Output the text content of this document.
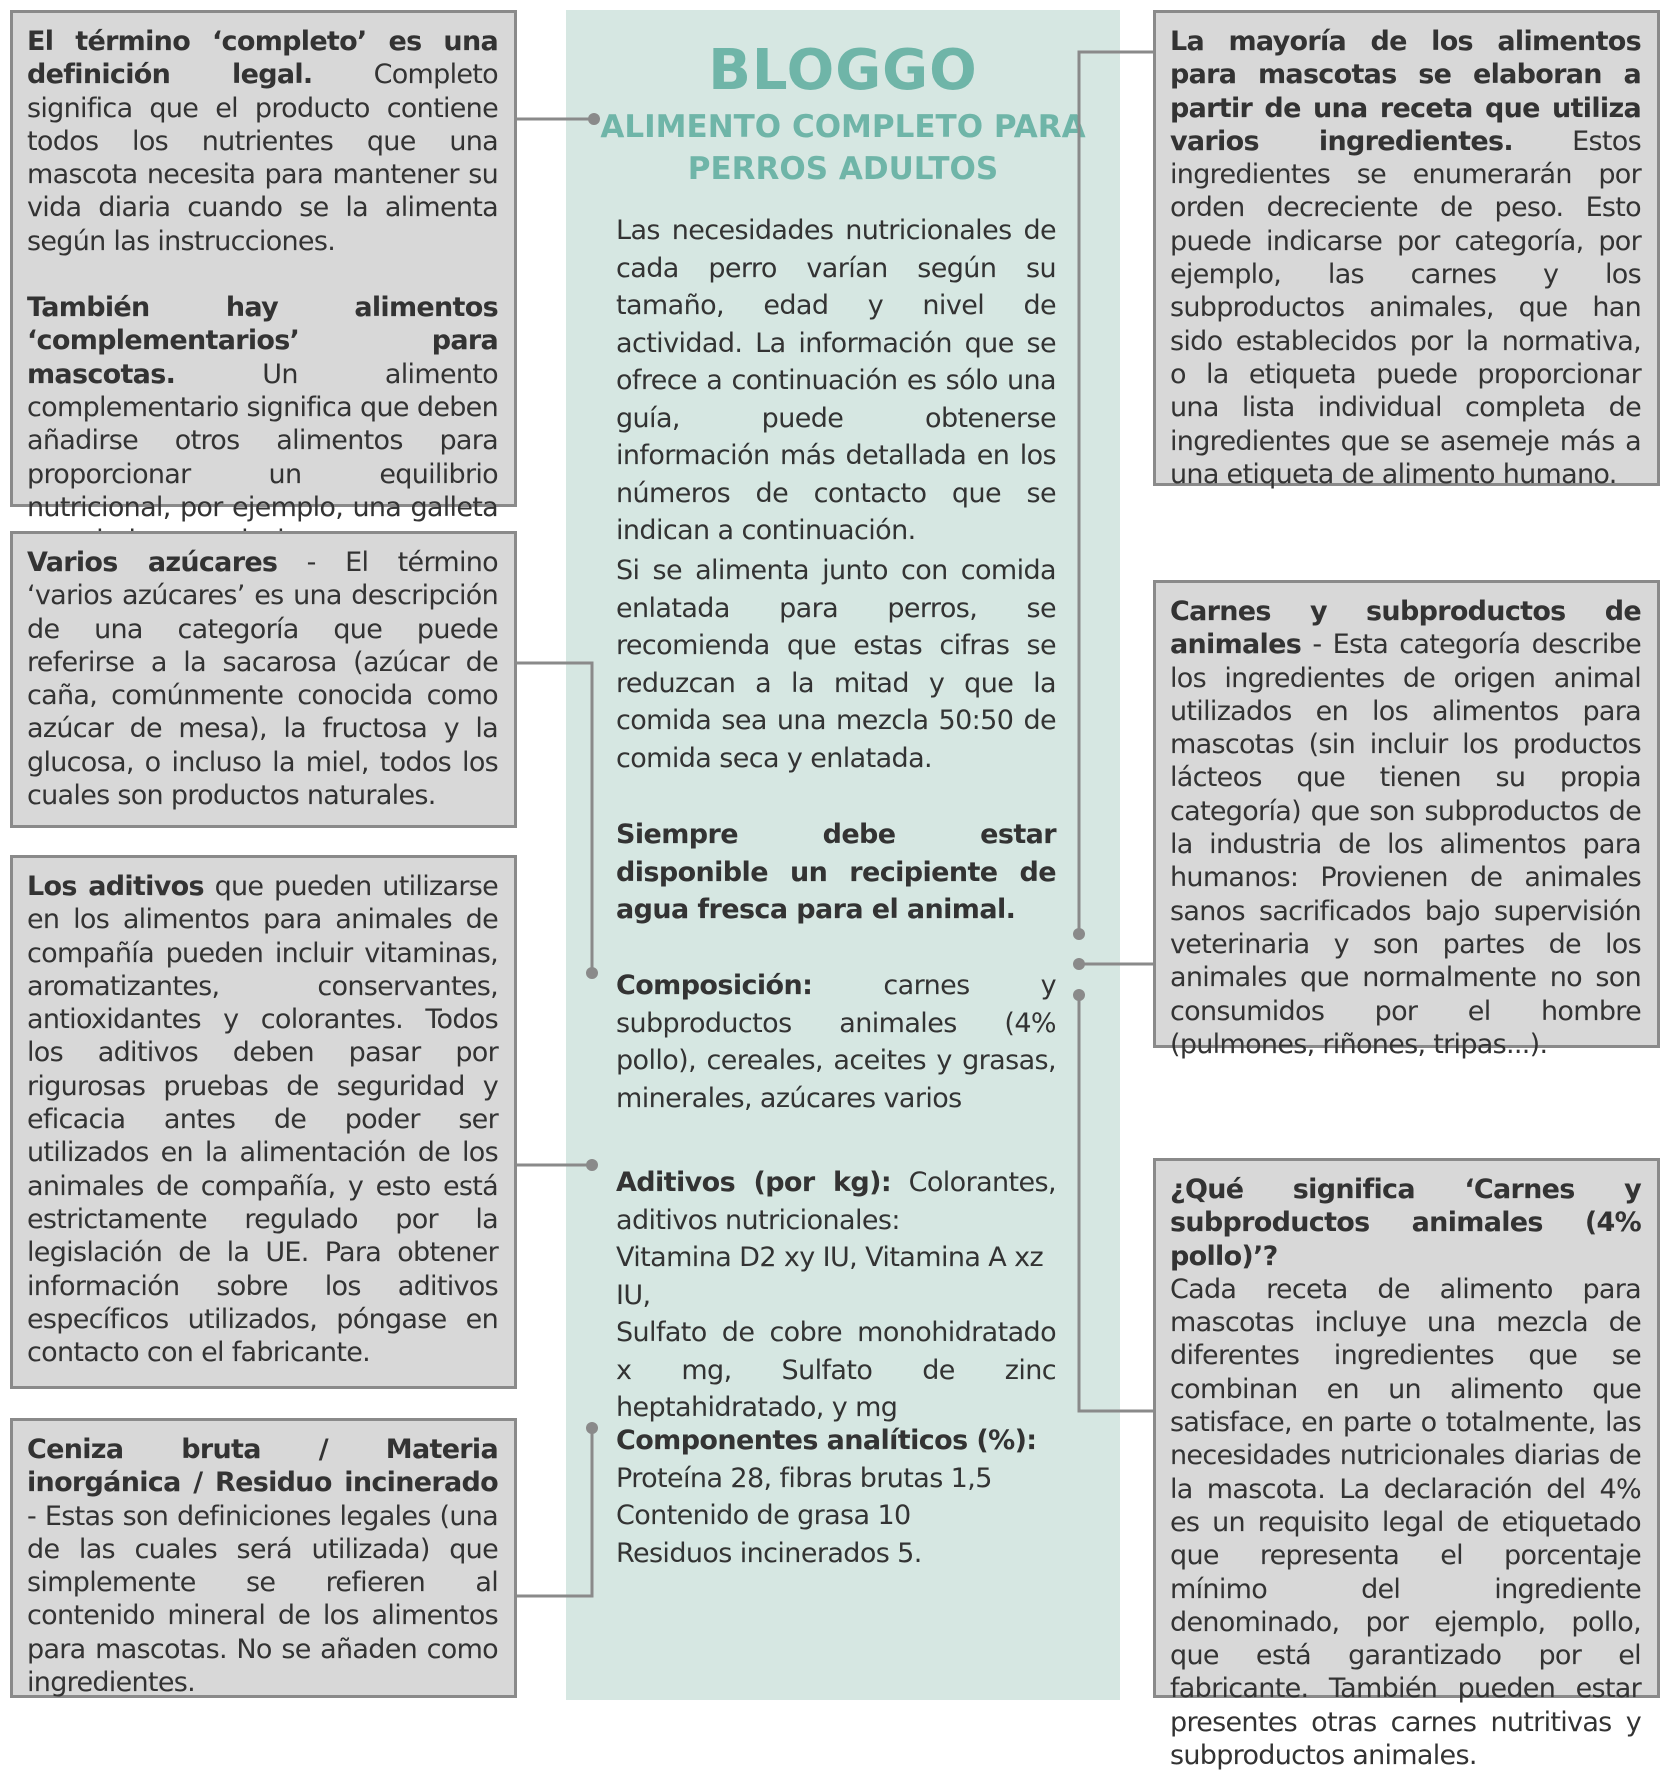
BLOGGO
ALIMENTO COMPLETO PARA
PERROS ADULTOS
Las necesidades nutricionales de cada perro varían según su tamaño, edad y nivel de actividad. La información que se ofrece a continuación es sólo una guía, puede obtenerse información más detallada en los números de contacto que se indican a continuación.
Si se alimenta junto con comida enlatada para perros, se recomienda que estas cifras se reduzcan a la mitad y que la comida sea una mezcla 50:50 de comida seca y enlatada.
Siempre debe estar disponible un recipiente de agua fresca para el animal.
Composición: carnes y subproductos animales (4% pollo), cereales, aceites y grasas, minerales, azúcares varios
Aditivos (por kg): Colorantes, aditivos nutricionales:
Vitamina D2 xy IU, Vitamina A xz IU,
Sulfato de cobre monohidratado x mg, Sulfato de zinc heptahidratado, y mg
Componentes analíticos (%):
Proteína 28, fibras brutas 1,5
Contenido de grasa 10
Residuos incinerados 5.

El término ‘completo’ es una definición legal. Completo significa que el producto contiene todos los nutrientes que una mascota necesita para mantener su vida diaria cuando se la alimenta según las instrucciones.

También hay alimentos ‘complementarios’ para mascotas.	Un alimento complementario significa que deben añadirse otros alimentos para proporcionar un equilibrio nutricional, por ejemplo, una galleta

Varios azúcares - El término ‘varios azúcares’ es una descripción de una categoría que puede referirse a la sacarosa (azúcar de caña, comúnmente conocida como azúcar de mesa), la fructosa y la glucosa, o incluso la miel, todos los cuales son productos naturales.

Los aditivos que pueden utilizarse en los alimentos para animales de compañía pueden incluir vitaminas, aromatizantes, conservantes, antioxidantes y colorantes. Todos los aditivos deben pasar por rigurosas pruebas de seguridad y eficacia antes de poder ser utilizados en la alimentación de los animales de compañía, y esto está estrictamente regulado por la legislación de la UE. Para obtener información sobre los aditivos específicos utilizados, póngase en contacto con el fabricante.

Ceniza bruta / Materia inorgánica / Residuo incinerado - Estas son definiciones legales (una de las cuales será utilizada) que simplemente se refieren al contenido mineral de los alimentos para mascotas. No se añaden como ingredientes.

La mayoría de los alimentos para mascotas se elaboran a partir de una receta que utiliza varios ingredientes. Estos ingredientes se enumerarán por orden decreciente de peso. Esto puede indicarse por categoría, por ejemplo, las carnes y los subproductos animales, que han sido establecidos por la normativa, o la etiqueta puede proporcionar una lista individual completa de ingredientes que se asemeje más a una etiqueta de alimento humano.

Carnes y subproductos de animales - Esta categoría describe los ingredientes de origen animal utilizados en los alimentos para mascotas (sin incluir los productos lácteos que tienen su propia categoría) que son subproductos de la industria de los alimentos para humanos: Provienen de animales sanos sacrificados bajo supervisión veterinaria y son partes de los animales que normalmente no son consumidos por el hombre (pulmones, riñones, tripas...).

¿Qué significa ‘Carnes y subproductos animales (4% pollo)’?

Cada receta de alimento para mascotas incluye una mezcla de diferentes ingredientes que se combinan en un alimento que satisface, en parte o totalmente, las necesidades nutricionales diarias de la mascota. La declaración del 4% es un requisito legal de etiquetado que representa el porcentaje mínimo del ingrediente denominado, por ejemplo, pollo, que está garantizado por el fabricante. También pueden estar presentes otras carnes nutritivas y subproductos animales.
